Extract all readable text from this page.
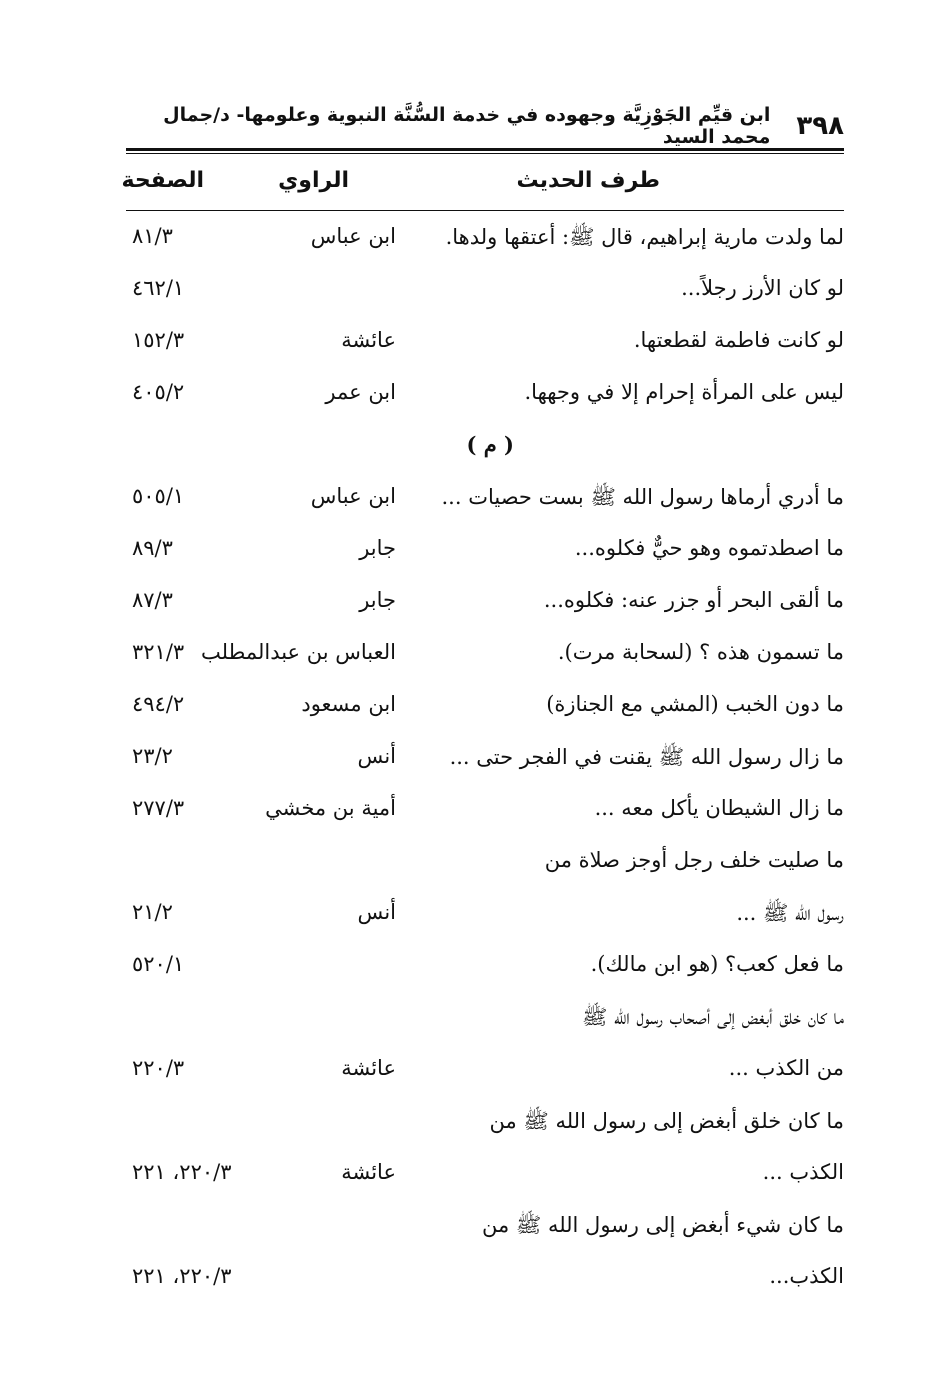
٣٩٨
ابن قيِّم الجَوْزِيَّة وجهوده في خدمة السُّنَّة النبوية وعلومها- د/جمال محمد السيد
طرف الحديث
الراوي
الصفحة
لما ولدت مارية إبراهيم، قال ﷺ: أعتقها ولدها.
ابن عباس
٨١/٣
لو كان الأرز رجلاً...
٤٦٢/١
لو كانت فاطمة لقطعتها.
عائشة
١٥٢/٣
ليس على المرأة إحرام إلا في وجهها.
ابن عمر
٤٠٥/٢
( م )
ما أدري أرماها رسول الله ﷺ بست حصيات ...
ابن عباس
٥٠٥/١
ما اصطدتموه وهو حيٌّ فكلوه...
جابر
٨٩/٣
ما ألقى البحر أو جزر عنه: فكلوه...
جابر
٨٧/٣
ما تسمون هذه ؟ (لسحابة مرت).
العباس بن عبدالمطلب
٣٢١/٣
ما دون الخبب (المشي مع الجنازة)
ابن مسعود
٤٩٤/٢
ما زال رسول الله ﷺ يقنت في الفجر حتى ...
أنس
٢٣/٢
ما زال الشيطان يأكل معه ...
أمية بن مخشي
٢٧٧/٣
ما صليت خلف رجل أوجز صلاة من
رسول الله ﷺ ...
أنس
٢١/٢
ما فعل كعب؟ (هو ابن مالك).
٥٢٠/١
ما كان خلق أبغض إلى أصحاب رسول الله ﷺ
من الكذب ...
عائشة
٢٢٠/٣
ما كان خلق أبغض إلى رسول الله ﷺ من
الكذب ...
عائشة
٢٢٠/٣، ٢٢١
ما كان شيء أبغض إلى رسول الله ﷺ من
الكذب...
٢٢٠/٣، ٢٢١
